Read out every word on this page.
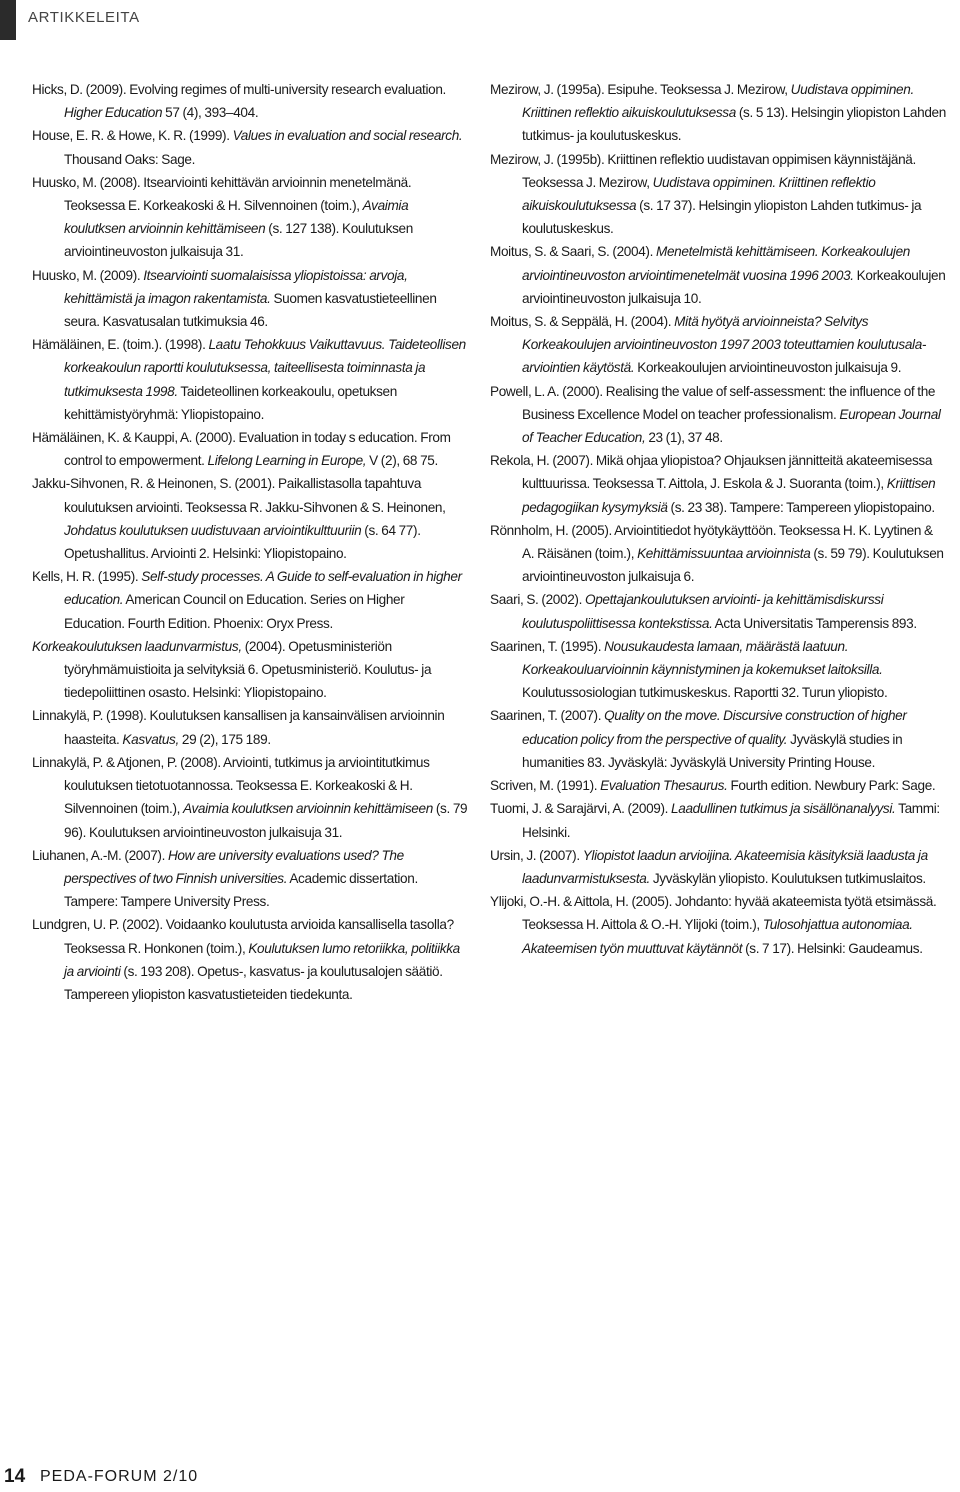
ARTIKKELEITA

Hicks, D. (2009). Evolving regimes of multi-university research evaluation. Higher Education 57 (4), 393–404.

House, E. R. & Howe, K. R. (1999). Values in evaluation and social research. Thousand Oaks: Sage.

Huusko, M. (2008). Itsearviointi kehittävän arvioinnin menetelmänä. Teoksessa E. Korkeakoski & H. Silvennoinen (toim.), Avaimia koulutksen arvioinnin kehittämiseen (s. 127 138). Koulutuksen arviointineuvoston julkaisuja 31.

Huusko, M. (2009). Itsearviointi suomalaisissa yliopistoissa: arvoja, kehittämistä ja imagon rakentamista. Suomen kasvatustieteellinen seura. Kasvatusalan tutkimuksia 46.

Hämäläinen, E. (toim.). (1998). Laatu Tehokkuus Vaikuttavuus. Taideteollisen korkeakoulun raportti koulutuksessa, taiteellisesta toiminnasta ja tutkimuksesta 1998. Taideteollinen korkeakoulu, opetuksen kehittämistyöryhmä: Yliopistopaino.

Hämäläinen, K. & Kauppi, A. (2000). Evaluation in today s education. From control to empowerment. Lifelong Learning in Europe, V (2), 68 75.

Jakku-Sihvonen, R. & Heinonen, S. (2001). Paikallistasolla tapahtuva koulutuksen arviointi. Teoksessa R. Jakku-Sihvonen & S. Heinonen, Johdatus koulutuksen uudistuvaan arviointikulttuuriin (s. 64 77). Opetushallitus. Arviointi 2. Helsinki: Yliopistopaino.

Kells, H. R. (1995). Self-study processes. A Guide to self-evaluation in higher education. American Council on Education. Series on Higher Education. Fourth Edition. Phoenix: Oryx Press.

Korkeakoulutuksen laadunvarmistus, (2004). Opetusministeriön työryhmämuistioita ja selvityksiä 6. Opetusministeriö. Koulutus- ja tiedepoliittinen osasto. Helsinki: Yliopistopaino.

Linnakylä, P. (1998). Koulutuksen kansallisen ja kansainvälisen arvioinnin haasteita. Kasvatus, 29 (2), 175 189.

Linnakylä, P. & Atjonen, P. (2008). Arviointi, tutkimus ja arviointitutkimus koulutuksen tietotuotannossa. Teoksessa E. Korkeakoski & H. Silvennoinen (toim.), Avaimia koulutksen arvioinnin kehittämiseen (s. 79 96). Koulutuksen arviointineuvoston julkaisuja 31.

Liuhanen, A.-M. (2007). How are university evaluations used? The perspectives of two Finnish universities. Academic dissertation. Tampere: Tampere University Press.

Lundgren, U. P. (2002). Voidaanko koulutusta arvioida kansallisella tasolla? Teoksessa R. Honkonen (toim.), Koulutuksen lumo retoriikka, politiikka ja arviointi (s. 193 208). Opetus-, kasvatus- ja koulutusalojen säätiö. Tampereen yliopiston kasvatustieteiden tiedekunta.

Mezirow, J. (1995a). Esipuhe. Teoksessa J. Mezirow, Uudistava oppiminen. Kriittinen reflektio aikuiskoulutuksessa (s. 5 13). Helsingin yliopiston Lahden tutkimus- ja koulutuskeskus.

Mezirow, J. (1995b). Kriittinen reflektio uudistavan oppimisen käynnistäjänä. Teoksessa J. Mezirow, Uudistava oppiminen. Kriittinen reflektio aikuiskoulutuksessa (s. 17 37). Helsingin yliopiston Lahden tutkimus- ja koulutuskeskus.

Moitus, S. & Saari, S. (2004). Menetelmistä kehittämiseen. Korkeakoulujen arviointineuvoston arviointimenetelmät vuosina 1996 2003. Korkeakoulujen arviointineuvoston julkaisuja 10.

Moitus, S. & Seppälä, H. (2004). Mitä hyötyä arvioinneista? Selvitys Korkeakoulujen arviointineuvoston 1997 2003 toteuttamien koulutusala-arviointien käytöstä. Korkeakoulujen arviointineuvoston julkaisuja 9.

Powell, L. A. (2000). Realising the value of self-assessment: the influence of the Business Excellence Model on teacher professionalism. European Journal of Teacher Education, 23 (1), 37 48.

Rekola, H. (2007). Mikä ohjaa yliopistoa? Ohjauksen jännitteitä akateemisessa kulttuurissa. Teoksessa T. Aittola, J. Eskola & J. Suoranta (toim.), Kriittisen pedagogiikan kysymyksiä (s. 23 38). Tampere: Tampereen yliopistopaino.

Rönnholm, H. (2005). Arviointitiedot hyötykäyttöön. Teoksessa H. K. Lyytinen & A. Räisänen (toim.), Kehittämissuuntaa arvioinnista (s. 59 79). Koulutuksen arviointineuvoston julkaisuja 6.

Saari, S. (2002). Opettajankoulutuksen arviointi- ja kehittämisdiskurssi koulutuspoliittisessa kontekstissa. Acta Universitatis Tamperensis 893.

Saarinen, T. (1995). Nousukaudesta lamaan, määrästä laatuun. Korkeakouluarvioinnin käynnistyminen ja kokemukset laitoksilla. Koulutussosiologian tutkimuskeskus. Raportti 32. Turun yliopisto.

Saarinen, T. (2007). Quality on the move. Discursive construction of higher education policy from the perspective of quality. Jyväskylä studies in humanities 83. Jyväskylä: Jyväskylä University Printing House.

Scriven, M. (1991). Evaluation Thesaurus. Fourth edition. Newbury Park: Sage.

Tuomi, J. & Sarajärvi, A. (2009). Laadullinen tutkimus ja sisällönanalyysi. Tammi: Helsinki.

Ursin, J. (2007). Yliopistot laadun arvioijina. Akateemisia käsityksiä laadusta ja laadunvarmistuksesta. Jyväskylän yliopisto. Koulutuksen tutkimuslaitos.

Ylijoki, O.-H. & Aittola, H. (2005). Johdanto: hyvää akateemista työtä etsimässä. Teoksessa H. Aittola & O.-H. Ylijoki (toim.), Tulosohjattua autonomiaa. Akateemisen työn muuttuvat käytännöt (s. 7 17). Helsinki: Gaudeamus.

14 PEDA-FORUM 2/10
